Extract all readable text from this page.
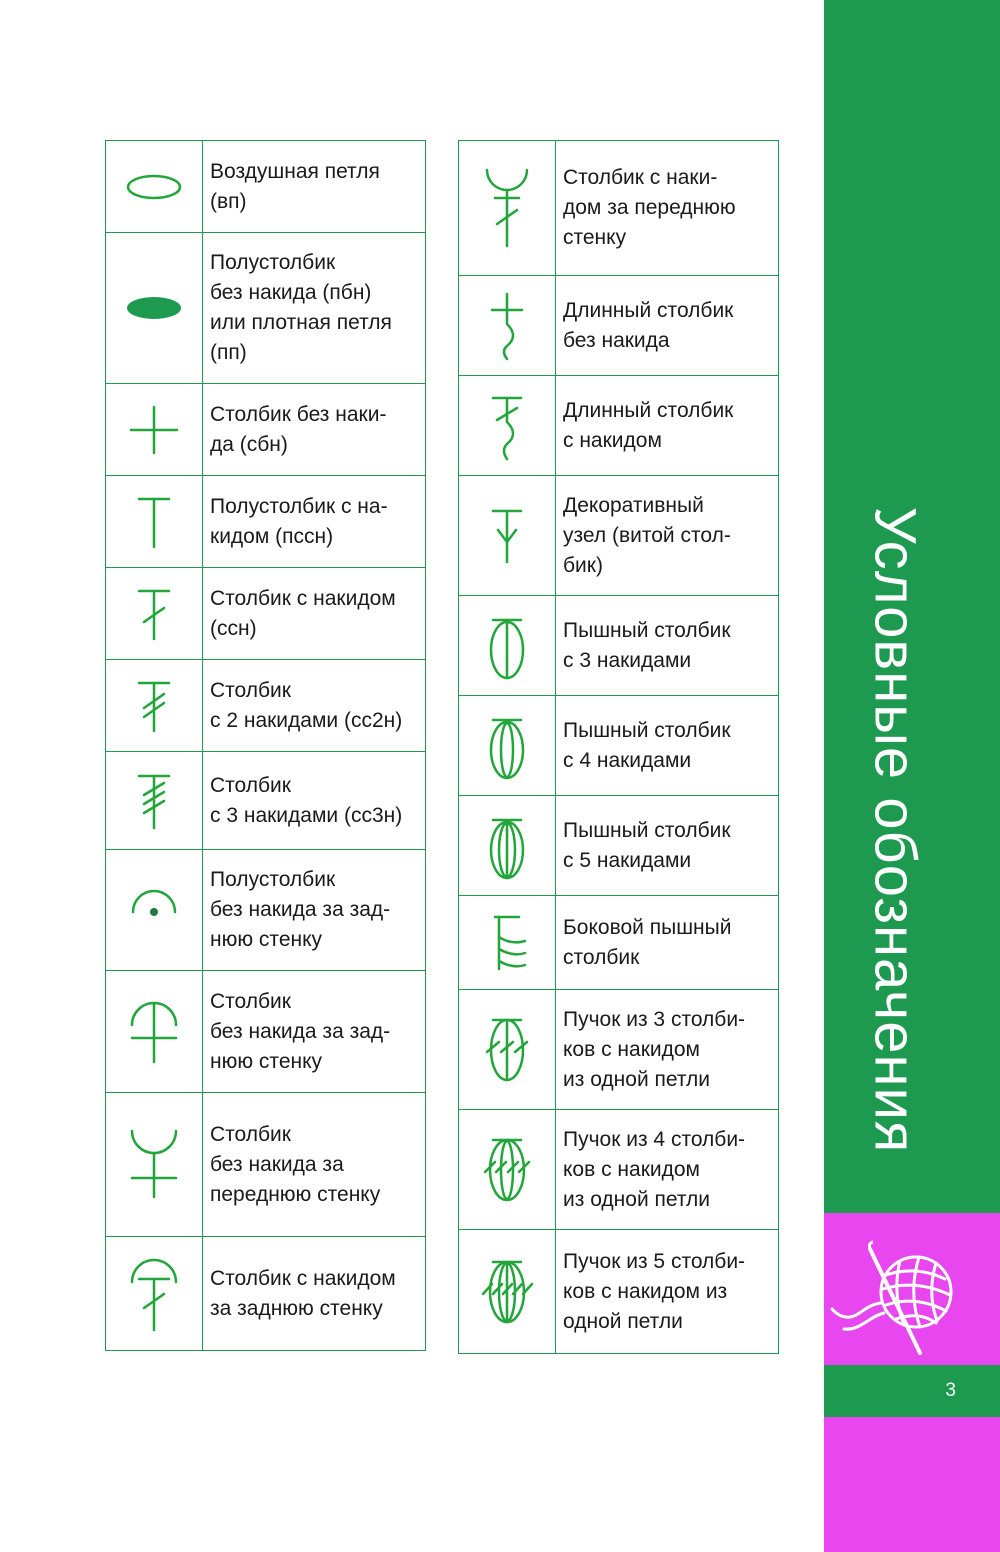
Условные обозначения
3
	Воздушная петля
(вп)

	Полустолбик
без накида (пбн)
или плотная петля
(пп)

	Столбик без наки-
да (сбн)

	Полустолбик с на-
кидом (пссн)

	Столбик с накидом
(ссн)

	Столбик
с 2 накидами (сс2н)

	Столбик
с 3 накидами (сс3н)

	Полустолбик
без накида за зад-
нюю стенку

	Столбик
без накида за зад-
нюю стенку

	Столбик
без накида за
переднюю стенку

	Столбик с накидом
за заднюю стенку
	Столбик с наки-
дом за переднюю
стенку

	Длинный столбик
без накида

	Длинный столбик
с накидом

	Декоративный
узел (витой стол-
бик)

	Пышный столбик
с 3 накидами

	Пышный столбик
с 4 накидами

	Пышный столбик
с 5 накидами

	Боковой пышный
столбик

	Пучок из 3 столби-
ков с накидом
из одной петли

	Пучок из 4 столби-
ков с накидом
из одной петли

	Пучок из 5 столби-
ков с накидом из
одной петли
